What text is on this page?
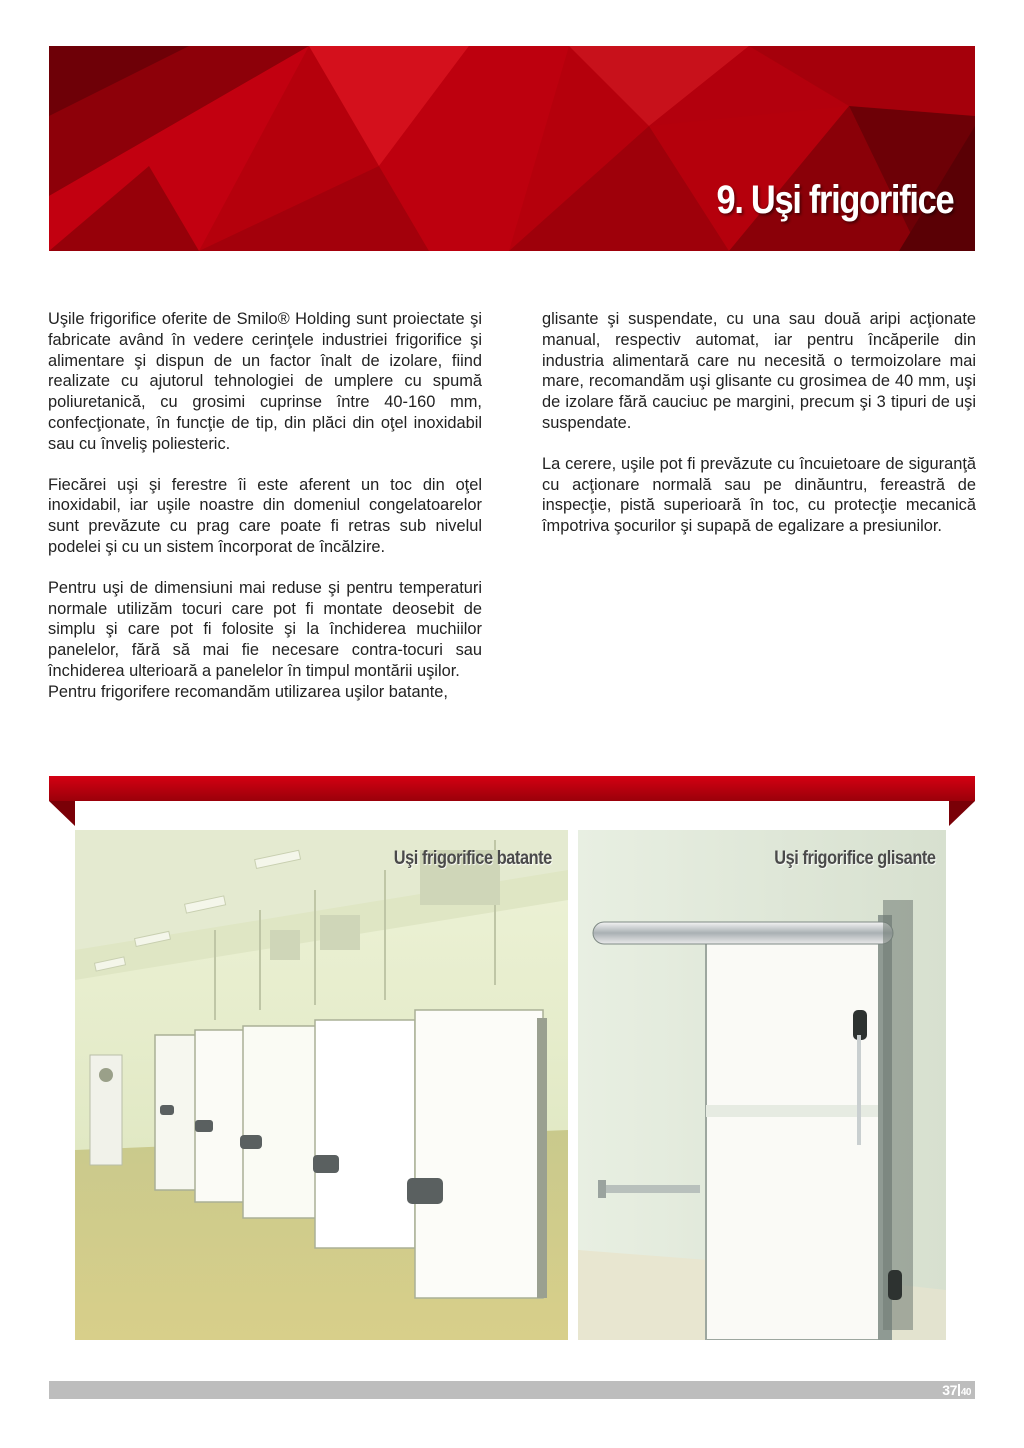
9. Uşi frigorifice

Uşile frigorifice oferite de Smilo® Holding sunt proiectate şi fabricate având în vedere cerinţele industriei frigorifice şi alimentare şi dispun de un factor înalt de izolare, fiind realizate cu ajutorul tehnologiei de umplere cu spumă poliuretanică, cu grosimi cuprinse între 40-160 mm, confecţionate, în funcţie de tip, din plăci din oţel inoxidabil sau cu înveliş poliesteric.

Fiecărei uşi şi ferestre îi este aferent un toc din oţel inoxidabil, iar uşile noastre din domeniul congelatoarelor sunt prevăzute cu prag care poate fi retras sub nivelul podelei şi cu un sistem încorporat de încălzire.

Pentru uşi de dimensiuni mai reduse şi pentru temperaturi normale utilizăm tocuri care pot fi montate deosebit de simplu şi care pot fi folosite şi la închiderea muchiilor panelelor, fără să mai fie necesare contra-tocuri sau închiderea ulterioară a panelelor în timpul montării uşilor.

Pentru frigorifere recomandăm utilizarea uşilor batante,

glisante şi suspendate, cu una sau două aripi acţionate manual, respectiv automat, iar pentru încăperile din industria alimentară care nu necesită o termoizolare mai mare, recomandăm uşi glisante cu grosimea de 40 mm, uşi de izolare fără cauciuc pe margini, precum şi 3 tipuri de uşi suspendate.

La cerere, uşile pot fi prevăzute cu încuietoare de siguranţă cu acţionare normală sau pe dinăuntru, fereastră de inspecţie, pistă superioară în toc, cu protecţie mecanică împotriva şocurilor şi supapă de egalizare a presiunilor.

Uşi frigorifice batante	Uşi frigorifice glisante
37 40
